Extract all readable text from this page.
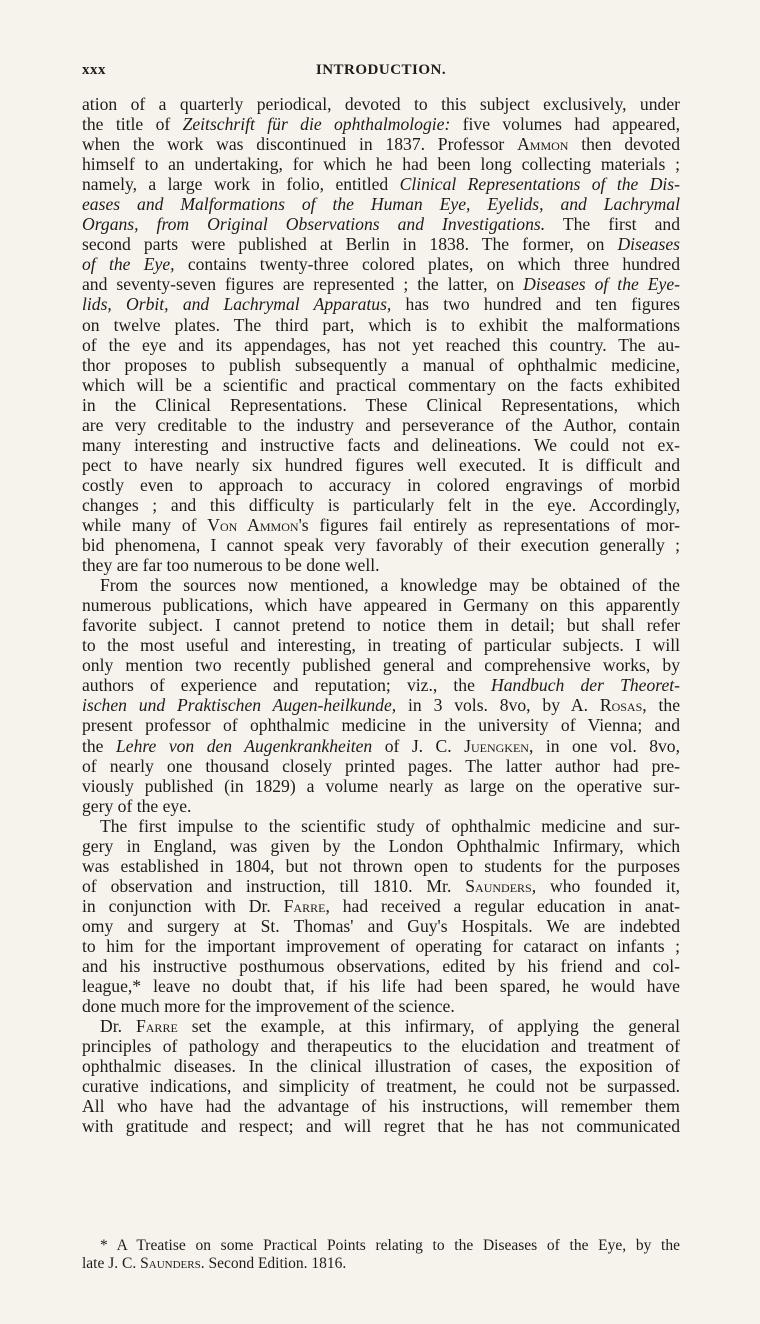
xxx	INTRODUCTION.
ation of a quarterly periodical, devoted to this subject exclusively, under
the title of Zeitschrift für die ophthalmologie: five volumes had appeared,
when the work was discontinued in 1837. Professor Ammon then devoted
himself to an undertaking, for which he had been long collecting materials ;
namely, a large work in folio, entitled Clinical Representations of the Dis-
eases and Malformations of the Human Eye, Eyelids, and Lachrymal
Organs, from Original Observations and Investigations. The first and
second parts were published at Berlin in 1838. The former, on Diseases
of the Eye, contains twenty-three colored plates, on which three hundred
and seventy-seven figures are represented ; the latter, on Diseases of the Eye-
lids, Orbit, and Lachrymal Apparatus, has two hundred and ten figures
on twelve plates. The third part, which is to exhibit the malformations
of the eye and its appendages, has not yet reached this country. The au-
thor proposes to publish subsequently a manual of ophthalmic medicine,
which will be a scientific and practical commentary on the facts exhibited
in the Clinical Representations. These Clinical Representations, which
are very creditable to the industry and perseverance of the Author, contain
many interesting and instructive facts and delineations. We could not ex-
pect to have nearly six hundred figures well executed. It is difficult and
costly even to approach to accuracy in colored engravings of morbid
changes ; and this difficulty is particularly felt in the eye. Accordingly,
while many of Von Ammon's figures fail entirely as representations of mor-
bid phenomena, I cannot speak very favorably of their execution generally ;
they are far too numerous to be done well.
From the sources now mentioned, a knowledge may be obtained of the
numerous publications, which have appeared in Germany on this apparently
favorite subject. I cannot pretend to notice them in detail; but shall refer
to the most useful and interesting, in treating of particular subjects. I will
only mention two recently published general and comprehensive works, by
authors of experience and reputation; viz., the Handbuch der Theoret-
ischen und Praktischen Augen-heilkunde, in 3 vols. 8vo, by A. Rosas, the
present professor of ophthalmic medicine in the university of Vienna; and
the Lehre von den Augenkrankheiten of J. C. Juengken, in one vol. 8vo,
of nearly one thousand closely printed pages. The latter author had pre-
viously published (in 1829) a volume nearly as large on the operative sur-
gery of the eye.
The first impulse to the scientific study of ophthalmic medicine and sur-
gery in England, was given by the London Ophthalmic Infirmary, which
was established in 1804, but not thrown open to students for the purposes
of observation and instruction, till 1810. Mr. Saunders, who founded it,
in conjunction with Dr. Farre, had received a regular education in anat-
omy and surgery at St. Thomas' and Guy's Hospitals. We are indebted
to him for the important improvement of operating for cataract on infants ;
and his instructive posthumous observations, edited by his friend and col-
league,* leave no doubt that, if his life had been spared, he would have
done much more for the improvement of the science.
Dr. Farre set the example, at this infirmary, of applying the general
principles of pathology and therapeutics to the elucidation and treatment of
ophthalmic diseases. In the clinical illustration of cases, the exposition of
curative indications, and simplicity of treatment, he could not be surpassed.
All who have had the advantage of his instructions, will remember them
with gratitude and respect; and will regret that he has not communicated
* A Treatise on some Practical Points relating to the Diseases of the Eye, by the
late J. C. Saunders. Second Edition. 1816.
